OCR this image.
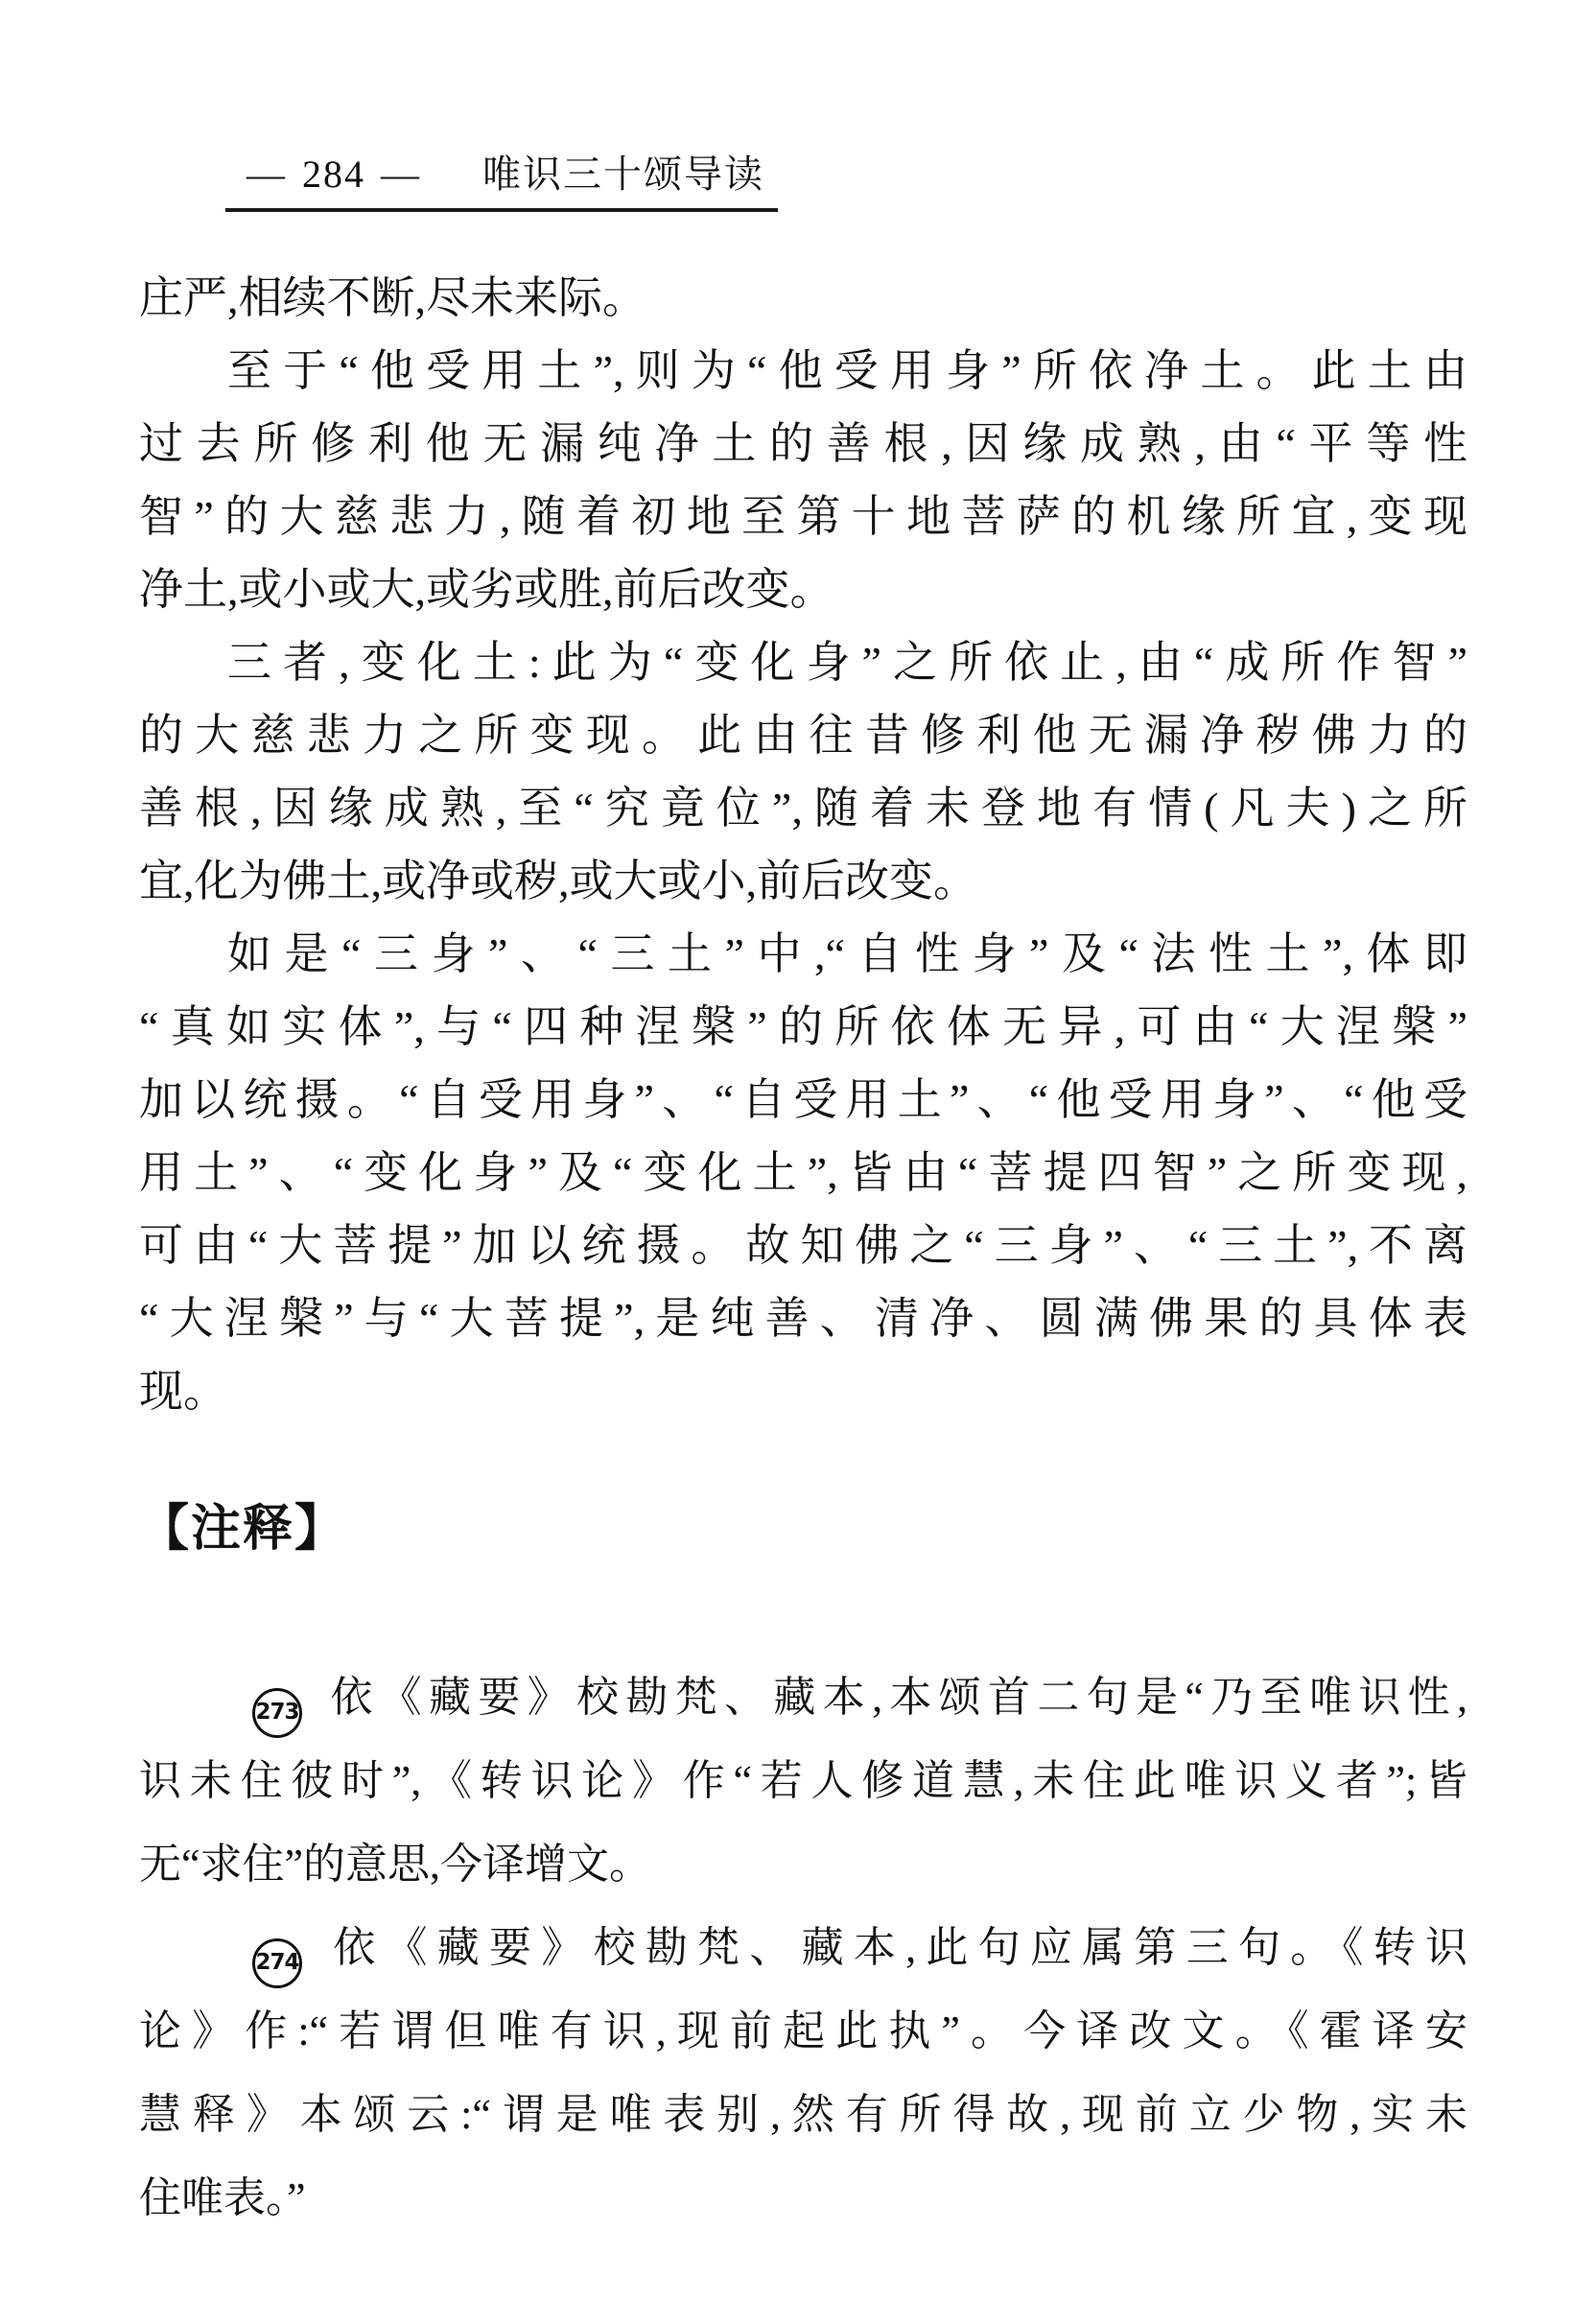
— 284 — 唯识三十颂导读
庄严,相续不断,尽未来际。
至于“他受用土”,则为“他受用身”所依净土。此土由
过去所修利他无漏纯净土的善根,因缘成熟,由“平等性
智”的大慈悲力,随着初地至第十地菩萨的机缘所宜,变现
净土,或小或大,或劣或胜,前后改变。
三者,变化土:此为“变化身”之所依止,由“成所作智”
的大慈悲力之所变现。此由往昔修利他无漏净秽佛力的
善根,因缘成熟,至“究竟位”,随着未登地有情(凡夫)之所
宜,化为佛土,或净或秽,或大或小,前后改变。
如是“三身”、“三土”中,“自性身”及“法性土”,体即
“真如实体”,与“四种涅槃”的所依体无异,可由“大涅槃”
加以统摄。“自受用身”、“自受用土”、“他受用身”、“他受
用土”、“变化身”及“变化土”,皆由“菩提四智”之所变现,
可由“大菩提”加以统摄。故知佛之“三身”、“三土”,不离
“大涅槃”与“大菩提”,是纯善、清净、圆满佛果的具体表
现。
【注释】
273 依《藏要》校勘梵、藏本,本颂首二句是“乃至唯识性,
识未住彼时”,《转识论》作“若人修道慧,未住此唯识义者”;皆
无“求住”的意思,今译增文。
274 依《藏要》校勘梵、藏本,此句应属第三句。《转识
论》作:“若谓但唯有识,现前起此执”。今译改文。《霍译安
慧释》本颂云:“谓是唯表别,然有所得故,现前立少物,实未
住唯表。”
